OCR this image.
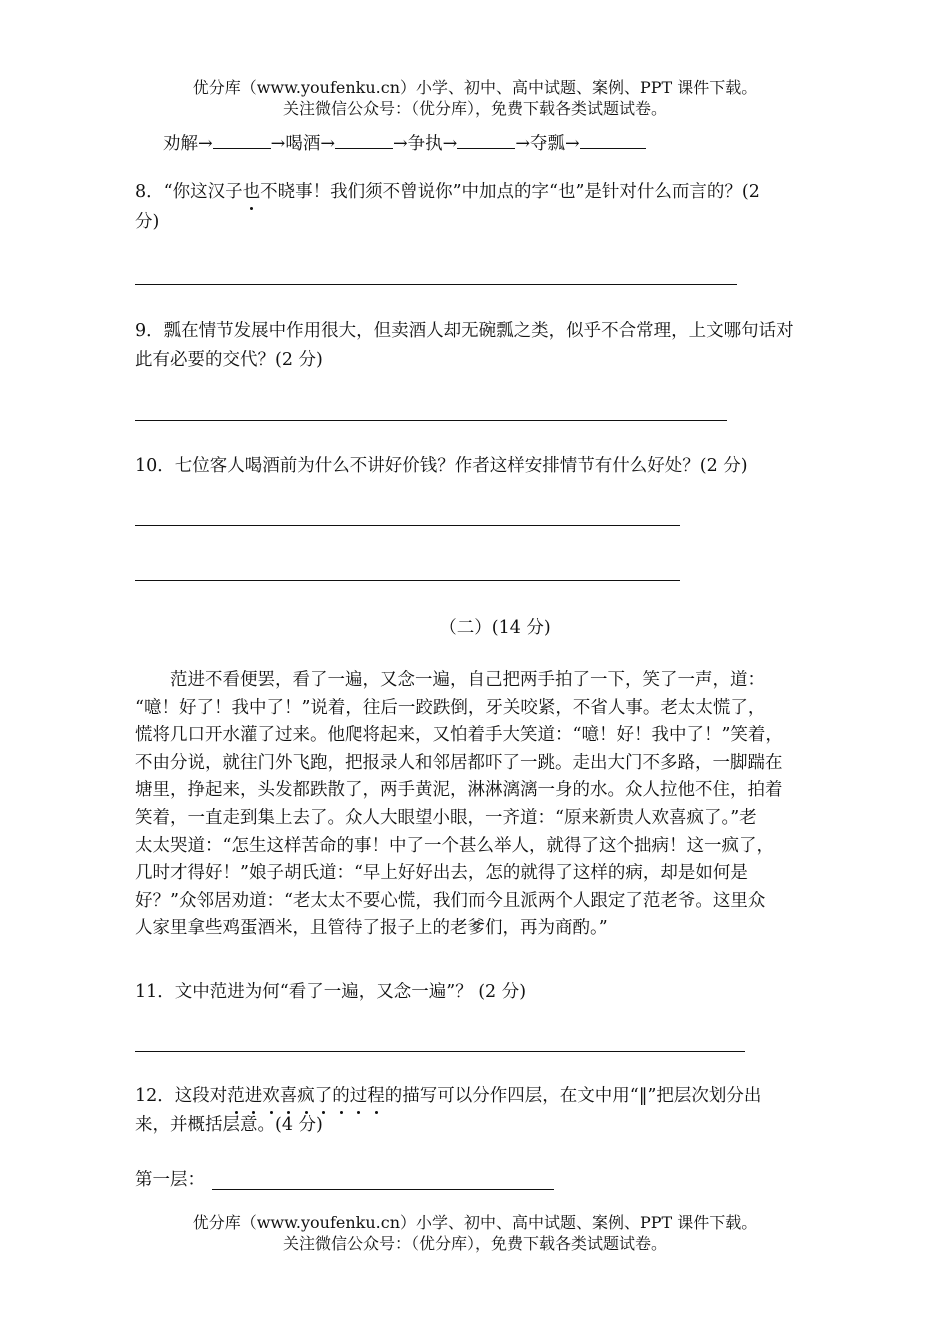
优分库（www.youfenku.cn）小学、初中、高中试题、案例、PPT 课件下载。
关注微信公众号：（优分库），免费下载各类试题试卷。
劝解→	→喝酒→	→争执→	→夺瓢→
8．“你这汉子也不晓事！我们须不曾说你”中加点的字“也”是针对什么而言的？(2
分)
9．瓢在情节发展中作用很大，但卖酒人却无碗瓢之类，似乎不合常理，上文哪句话对
此有必要的交代？(2 分)
10．七位客人喝酒前为什么不讲好价钱？作者这样安排情节有什么好处？(2 分)
（二）(14 分)
　　范进不看便罢，看了一遍，又念一遍，自己把两手拍了一下，笑了一声，道：
“噫！好了！我中了！”说着，往后一跤跌倒，牙关咬紧，不省人事。老太太慌了，
慌将几口开水灌了过来。他爬将起来，又怕着手大笑道：“噫！好！我中了！”笑着，
不由分说，就往门外飞跑，把报录人和邻居都吓了一跳。走出大门不多路，一脚踹在
塘里，挣起来，头发都跌散了，两手黄泥，淋淋漓漓一身的水。众人拉他不住，拍着
笑着，一直走到集上去了。众人大眼望小眼，一齐道：“原来新贵人欢喜疯了。”老
太太哭道：“怎生这样苦命的事！中了一个甚么举人，就得了这个拙病！这一疯了，
几时才得好！”娘子胡氏道：“早上好好出去，怎的就得了这样的病，却是如何是
好？”众邻居劝道：“老太太不要心慌，我们而今且派两个人跟定了范老爷。这里众
人家里拿些鸡蛋酒米，且管待了报子上的老爹们，再为商酌。”
11．文中范进为何“看了一遍，又念一遍”？ (2 分)
12．这段对范进欢喜疯了的过程的描写可以分作四层，在文中用“‖”把层次划分出
来，并概括层意。(4 分)
第一层：
优分库（www.youfenku.cn）小学、初中、高中试题、案例、PPT 课件下载。
关注微信公众号：（优分库），免费下载各类试题试卷。
